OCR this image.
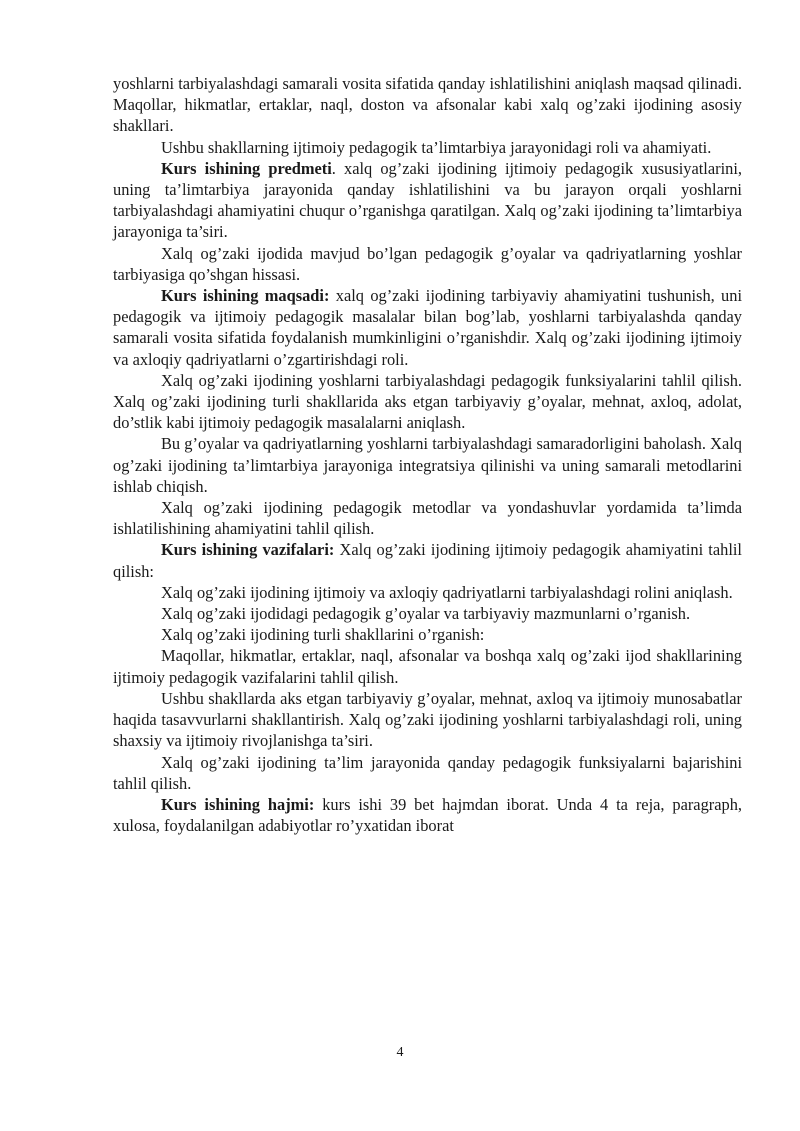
yoshlarni tarbiyalashdagi samarali vosita sifatida qanday ishlatilishini aniqlash maqsad qilinadi. Maqollar, hikmatlar, ertaklar, naql, doston va afsonalar kabi xalq og’zaki ijodining asosiy shakllari.

Ushbu shakllarning ijtimoiy pedagogik ta’limtarbiya jarayonidagi roli va ahamiyati.

Kurs ishining predmeti. xalq og’zaki ijodining ijtimoiy pedagogik xususiyatlarini, uning ta’limtarbiya jarayonida qanday ishlatilishini va bu jarayon orqali yoshlarni tarbiyalashdagi ahamiyatini chuqur o’rganishga qaratilgan. Xalq og’zaki ijodining ta’limtarbiya jarayoniga ta’siri.

Xalq og’zaki ijodida mavjud bo’lgan pedagogik g’oyalar va qadriyatlarning yoshlar tarbiyasiga qo’shgan hissasi.

Kurs ishining maqsadi: xalq og’zaki ijodining tarbiyaviy ahamiyatini tushunish, uni pedagogik va ijtimoiy pedagogik masalalar bilan bog’lab, yoshlarni tarbiyalashda qanday samarali vosita sifatida foydalanish mumkinligini o’rganishdir. Xalq og’zaki ijodining ijtimoiy va axloqiy qadriyatlarni o’zgartirishdagi roli.

Xalq og’zaki ijodining yoshlarni tarbiyalashdagi pedagogik funksiyalarini tahlil qilish. Xalq og’zaki ijodining turli shakllarida aks etgan tarbiyaviy g’oyalar, mehnat, axloq, adolat, do’stlik kabi ijtimoiy pedagogik masalalarni aniqlash.

Bu g’oyalar va qadriyatlarning yoshlarni tarbiyalashdagi samaradorligini baholash. Xalq og’zaki ijodining ta’limtarbiya jarayoniga integratsiya qilinishi va uning samarali metodlarini ishlab chiqish.

Xalq og’zaki ijodining pedagogik metodlar va yondashuvlar yordamida ta’limda ishlatilishining ahamiyatini tahlil qilish.

Kurs ishining vazifalari: Xalq og’zaki ijodining ijtimoiy pedagogik ahamiyatini tahlil qilish:

Xalq og’zaki ijodining ijtimoiy va axloqiy qadriyatlarni tarbiyalashdagi rolini aniqlash.

Xalq og’zaki ijodidagi pedagogik g’oyalar va tarbiyaviy mazmunlarni o’rganish.

Xalq og’zaki ijodining turli shakllarini o’rganish:

Maqollar, hikmatlar, ertaklar, naql, afsonalar va boshqa xalq og’zaki ijod shakllarining ijtimoiy pedagogik vazifalarini tahlil qilish.

Ushbu shakllarda aks etgan tarbiyaviy g’oyalar, mehnat, axloq va ijtimoiy munosabatlar haqida tasavvurlarni shakllantirish. Xalq og’zaki ijodining yoshlarni tarbiyalashdagi roli, uning shaxsiy va ijtimoiy rivojlanishga ta’siri.

Xalq og’zaki ijodining ta’lim jarayonida qanday pedagogik funksiyalarni bajarishini tahlil qilish.

Kurs ishining hajmi: kurs ishi 39 bet hajmdan iborat. Unda 4 ta reja, paragraph, xulosa, foydalanilgan adabiyotlar ro’yxatidan iborat

4
